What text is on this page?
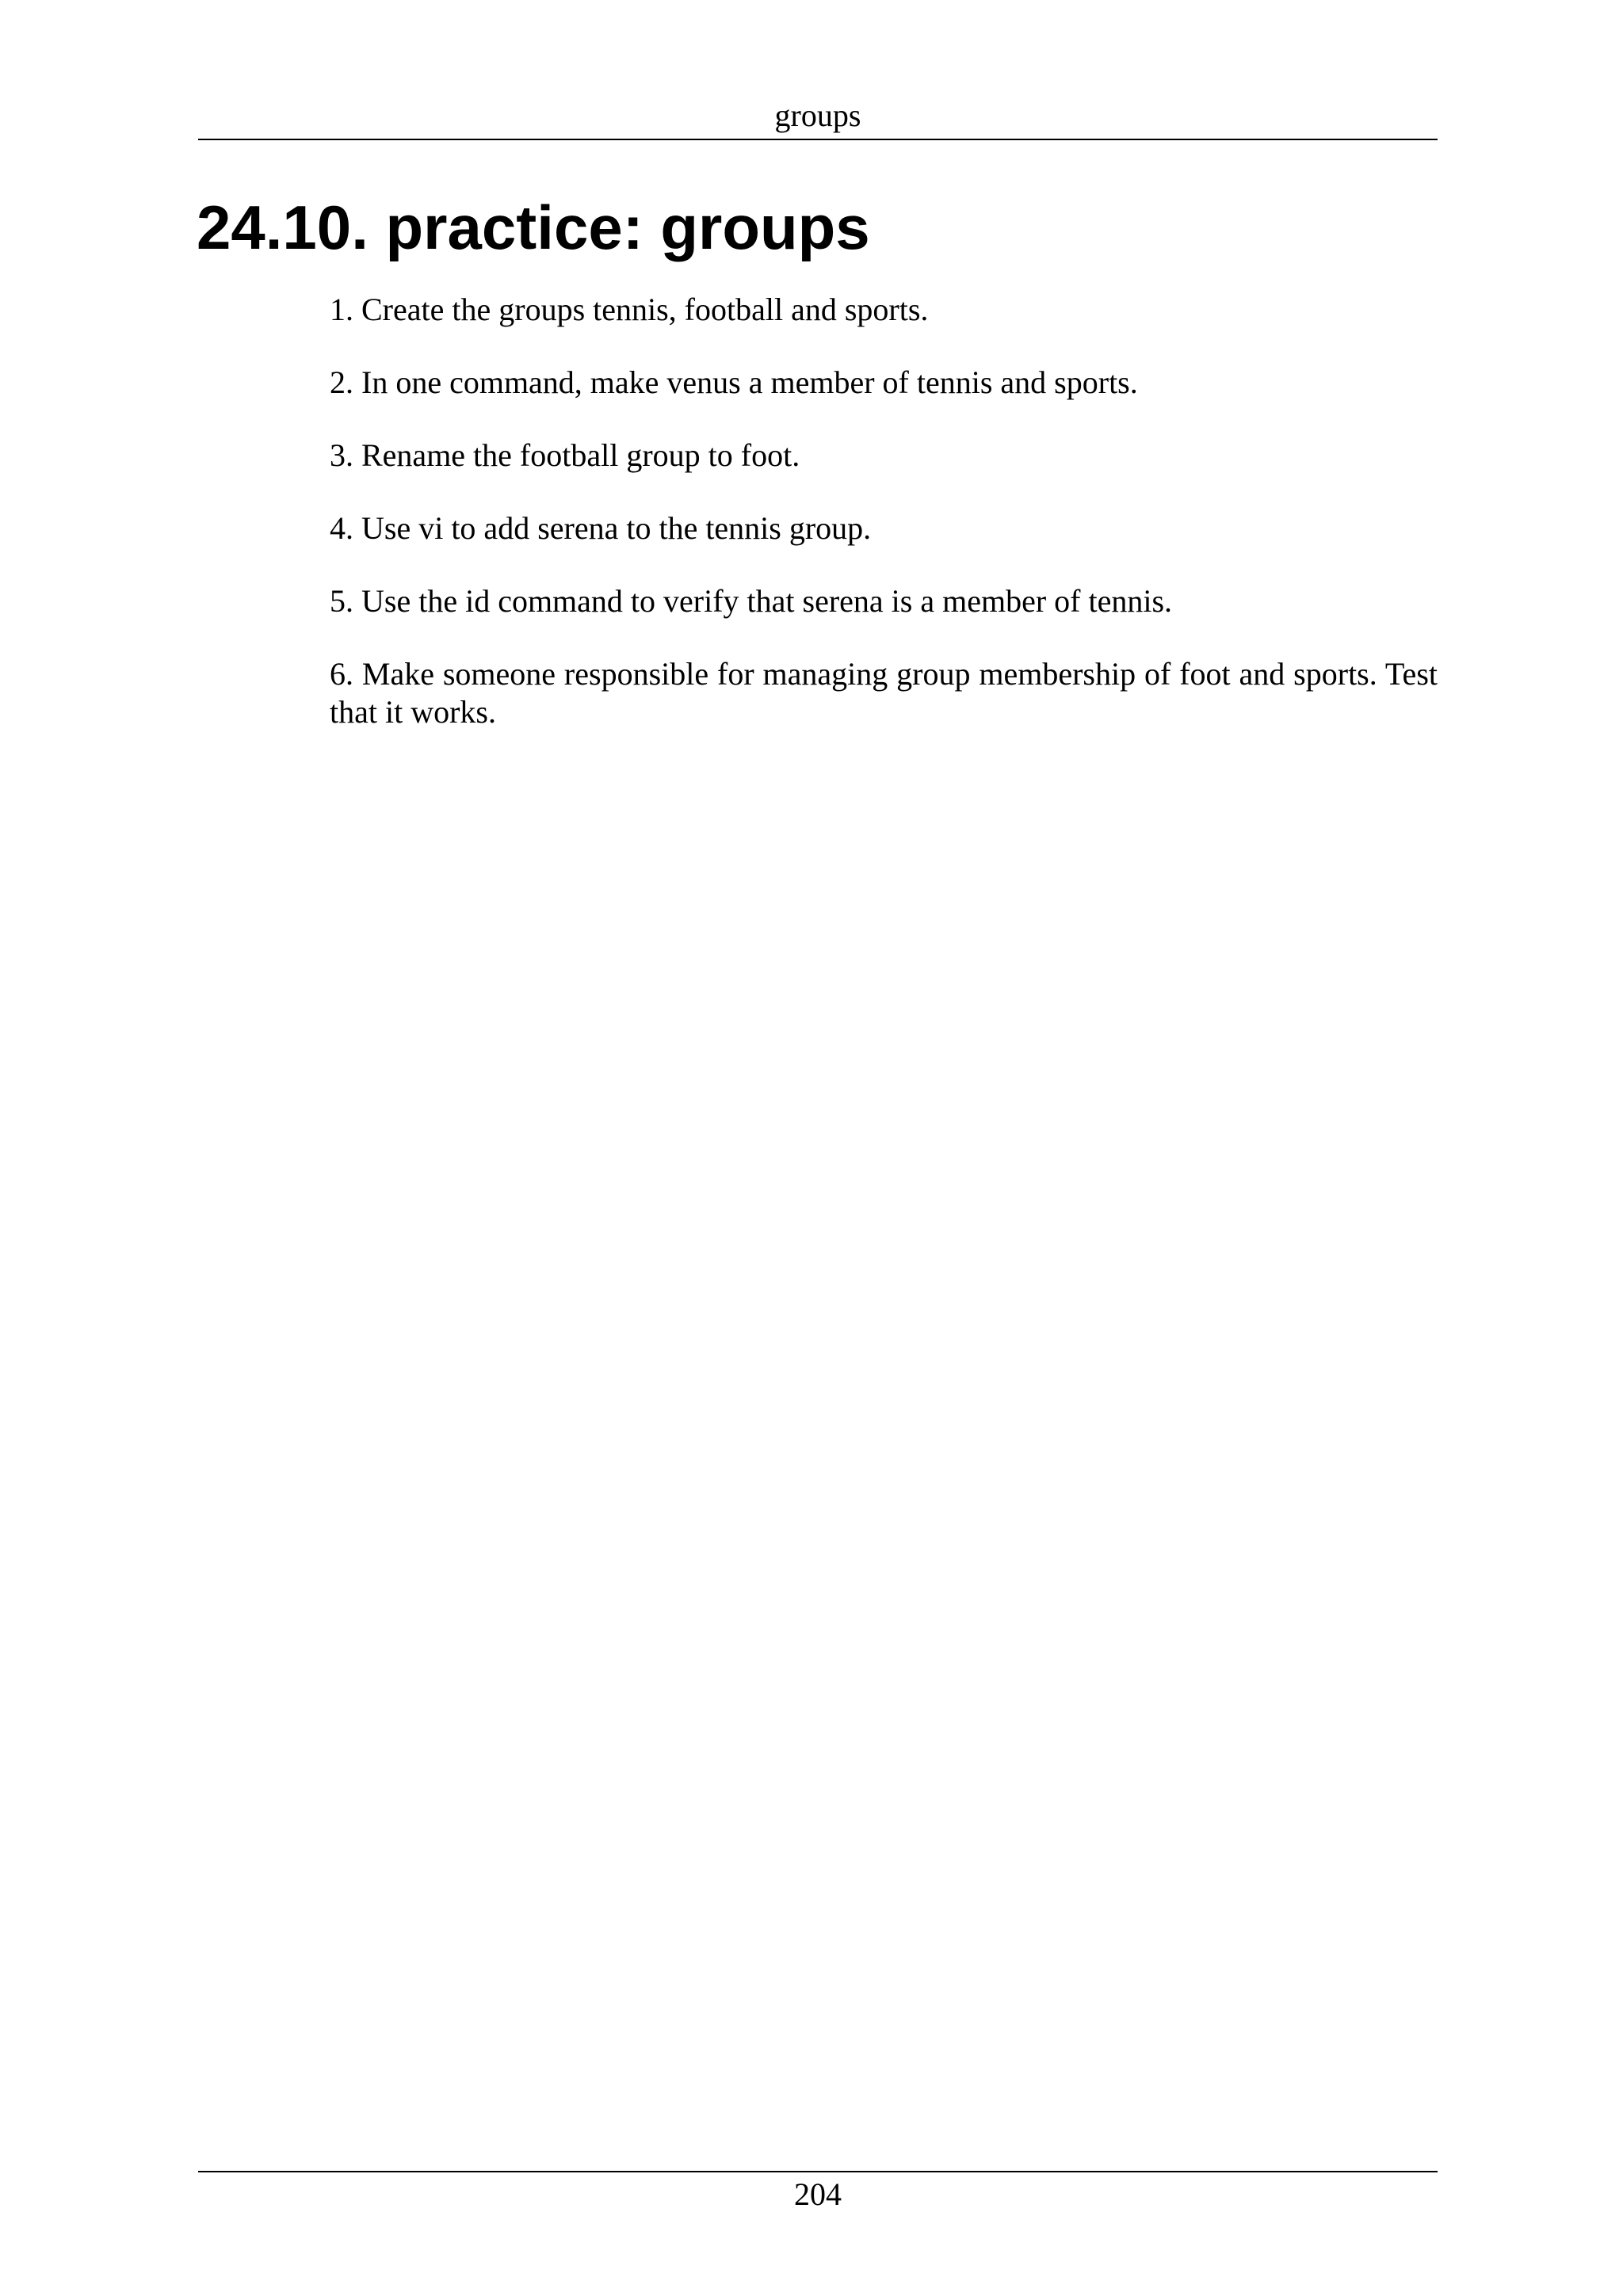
groups
24.10. practice: groups
1. Create the groups tennis, football and sports.
2. In one command, make venus a member of tennis and sports.
3. Rename the football group to foot.
4. Use vi to add serena to the tennis group.
5. Use the id command to verify that serena is a member of tennis.
6. Make someone responsible for managing group membership of foot and sports. Test that it works.
204
